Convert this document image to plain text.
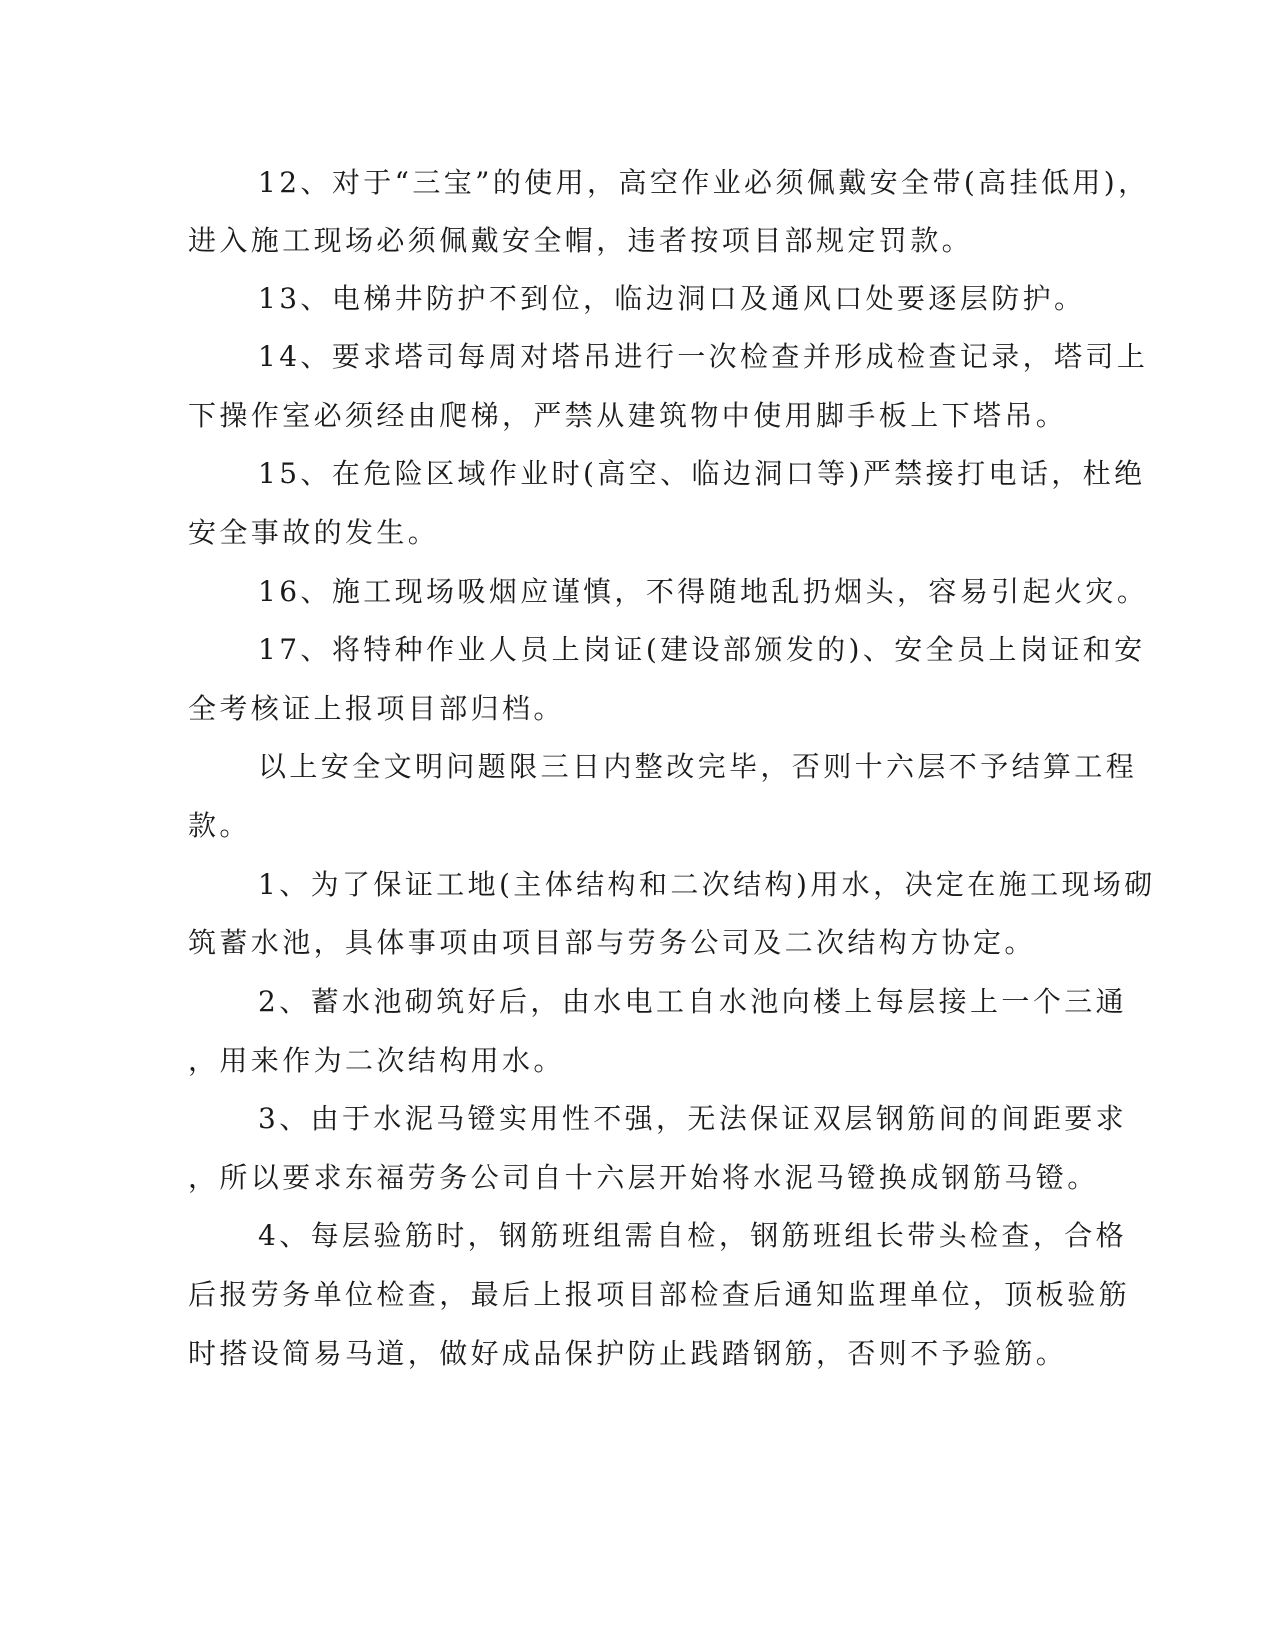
12、对于“三宝”的使用，高空作业必须佩戴安全带(高挂低用)，
进入施工现场必须佩戴安全帽，违者按项目部规定罚款。
13、电梯井防护不到位，临边洞口及通风口处要逐层防护。
14、要求塔司每周对塔吊进行一次检查并形成检查记录，塔司上
下操作室必须经由爬梯，严禁从建筑物中使用脚手板上下塔吊。
15、在危险区域作业时(高空、临边洞口等)严禁接打电话，杜绝
安全事故的发生。
16、施工现场吸烟应谨慎，不得随地乱扔烟头，容易引起火灾。
17、将特种作业人员上岗证(建设部颁发的)、安全员上岗证和安
全考核证上报项目部归档。
以上安全文明问题限三日内整改完毕，否则十六层不予结算工程
款。
1、为了保证工地(主体结构和二次结构)用水，决定在施工现场砌
筑蓄水池，具体事项由项目部与劳务公司及二次结构方协定。
2、蓄水池砌筑好后，由水电工自水池向楼上每层接上一个三通
，用来作为二次结构用水。
3、由于水泥马镫实用性不强，无法保证双层钢筋间的间距要求
，所以要求东福劳务公司自十六层开始将水泥马镫换成钢筋马镫。
4、每层验筋时，钢筋班组需自检，钢筋班组长带头检查，合格
后报劳务单位检查，最后上报项目部检查后通知监理单位，顶板验筋
时搭设简易马道，做好成品保护防止践踏钢筋，否则不予验筋。
